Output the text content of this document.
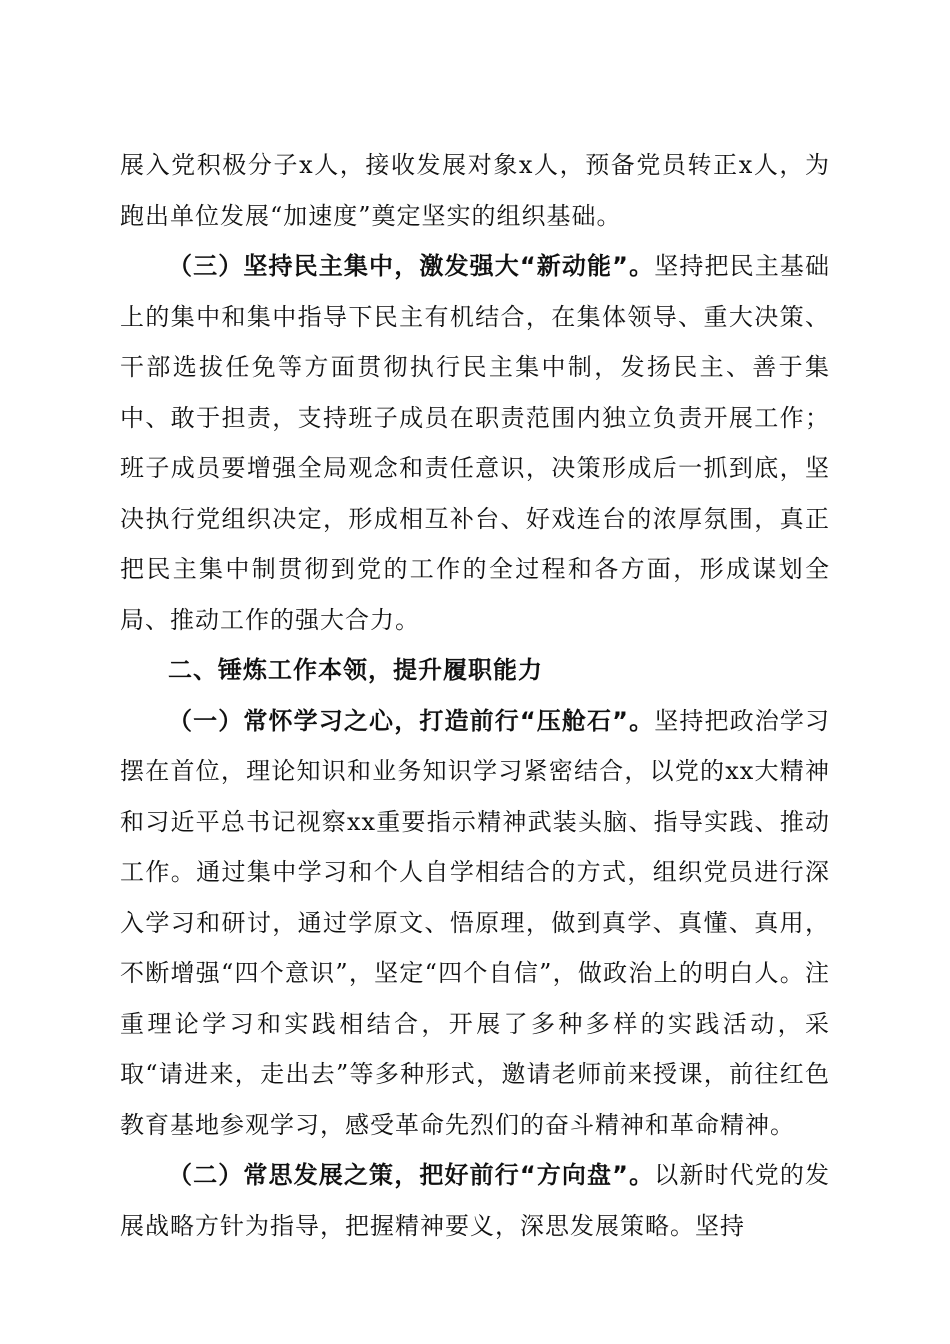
展入党积极分子x人，接收发展对象x人，预备党员转正x人，为跑出单位发展“加速度”奠定坚实的组织基础。

（三）坚持民主集中，激发强大“新动能”。坚持把民主基础上的集中和集中指导下民主有机结合，在集体领导、重大决策、干部选拔任免等方面贯彻执行民主集中制，发扬民主、善于集中、敢于担责，支持班子成员在职责范围内独立负责开展工作；班子成员要增强全局观念和责任意识，决策形成后一抓到底，坚决执行党组织决定，形成相互补台、好戏连台的浓厚氛围，真正把民主集中制贯彻到党的工作的全过程和各方面，形成谋划全局、推动工作的强大合力。

二、锤炼工作本领，提升履职能力

（一）常怀学习之心，打造前行“压舱石”。坚持把政治学习摆在首位，理论知识和业务知识学习紧密结合，以党的xx大精神和习近平总书记视察xx重要指示精神武装头脑、指导实践、推动工作。通过集中学习和个人自学相结合的方式，组织党员进行深入学习和研讨，通过学原文、悟原理，做到真学、真懂、真用，不断增强“四个意识”，坚定“四个自信”，做政治上的明白人。注重理论学习和实践相结合，开展了多种多样的实践活动，采取“请进来，走出去”等多种形式，邀请老师前来授课，前往红色教育基地参观学习，感受革命先烈们的奋斗精神和革命精神。

（二）常思发展之策，把好前行“方向盘”。以新时代党的发展战略方针为指导，把握精神要义，深思发展策略。坚持
